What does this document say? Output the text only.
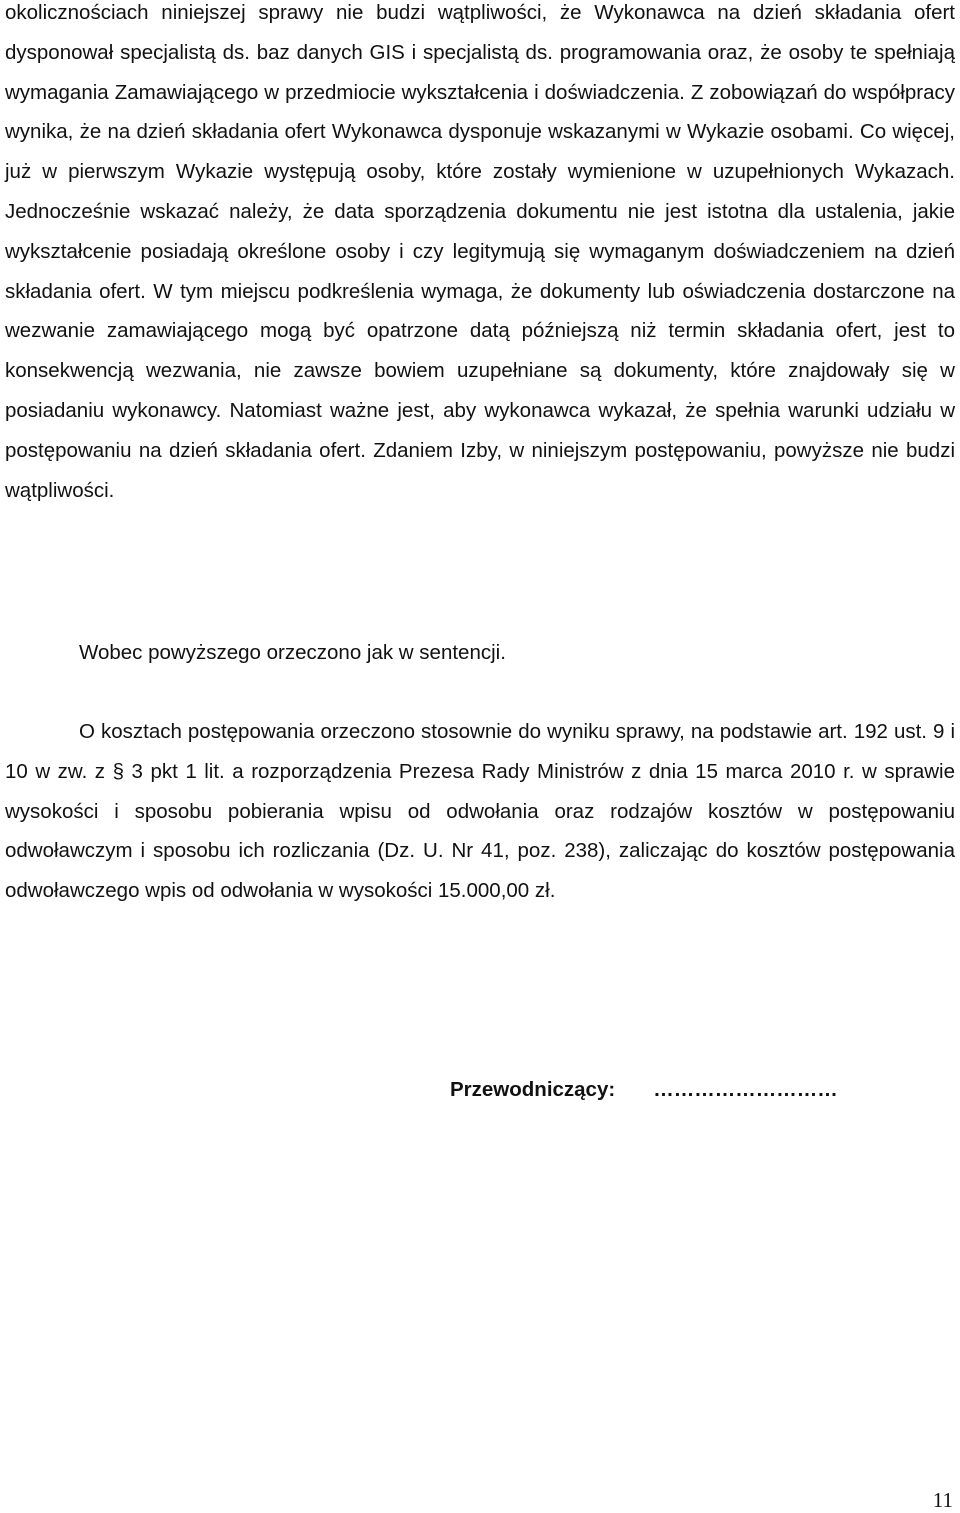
okolicznościach niniejszej sprawy nie budzi wątpliwości, że Wykonawca na dzień składania ofert dysponował specjalistą ds. baz danych GIS i specjalistą ds. programowania oraz, że osoby te spełniają wymagania Zamawiającego w przedmiocie wykształcenia i doświadczenia. Z zobowiązań do współpracy wynika, że na dzień składania ofert Wykonawca dysponuje wskazanymi w Wykazie osobami. Co więcej, już w pierwszym Wykazie występują osoby, które zostały wymienione w uzupełnionych Wykazach. Jednocześnie wskazać należy, że data sporządzenia dokumentu nie jest istotna dla ustalenia, jakie wykształcenie posiadają określone osoby i czy legitymują się wymaganym doświadczeniem na dzień składania ofert. W tym miejscu podkreślenia wymaga, że dokumenty lub oświadczenia dostarczone na wezwanie zamawiającego mogą być opatrzone datą późniejszą niż termin składania ofert, jest to konsekwencją wezwania, nie zawsze bowiem uzupełniane są dokumenty, które znajdowały się w posiadaniu wykonawcy. Natomiast ważne jest, aby wykonawca wykazał, że spełnia warunki udziału w postępowaniu na dzień składania ofert. Zdaniem Izby, w niniejszym postępowaniu, powyższe nie budzi wątpliwości.

Wobec powyższego orzeczono jak w sentencji.

O kosztach postępowania orzeczono stosownie do wyniku sprawy, na podstawie art. 192 ust. 9 i 10 w zw. z § 3 pkt 1 lit. a rozporządzenia Prezesa Rady Ministrów z dnia 15 marca 2010 r. w sprawie wysokości i sposobu pobierania wpisu od odwołania oraz rodzajów kosztów w postępowaniu odwoławczym i sposobu ich rozliczania (Dz. U. Nr 41, poz. 238), zaliczając do kosztów postępowania odwoławczego wpis od odwołania w wysokości 15.000,00 zł.

Przewodniczący: ………………………
11
